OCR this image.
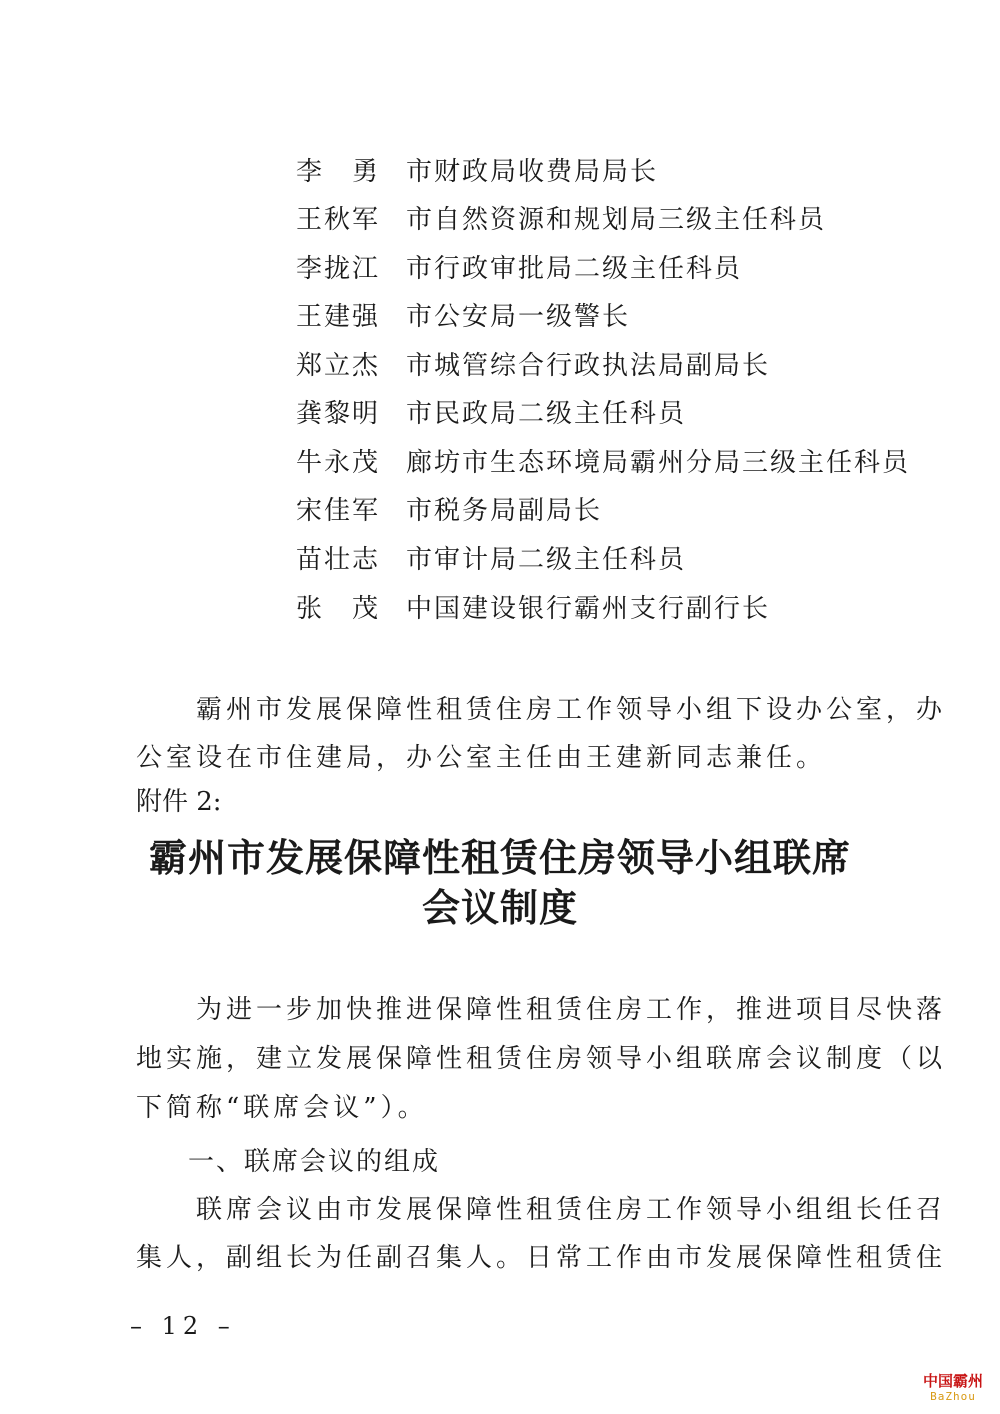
李　勇 市财政局收费局局长
王秋军 市自然资源和规划局三级主任科员
李拢江 市行政审批局二级主任科员
王建强 市公安局一级警长
郑立杰 市城管综合行政执法局副局长
龚黎明 市民政局二级主任科员
牛永茂 廊坊市生态环境局霸州分局三级主任科员
宋佳军 市税务局副局长
苗壮志 市审计局二级主任科员
张　茂 中国建设银行霸州支行副行长

　　霸州市发展保障性租赁住房工作领导小组下设办公室，办

公室设在市住建局，办公室主任由王建新同志兼任。

附件 2:
霸州市发展保障性租赁住房领导小组联席
会议制度

　　为进一步加快推进保障性租赁住房工作，推进项目尽快落

地实施，建立发展保障性租赁住房领导小组联席会议制度（以

下简称“联席会议”）。

一、联席会议的组成

　　联席会议由市发展保障性租赁住房工作领导小组组长任召

集人，副组长为任副召集人。日常工作由市发展保障性租赁住

– 12 –
中国霸州
BaZhou
